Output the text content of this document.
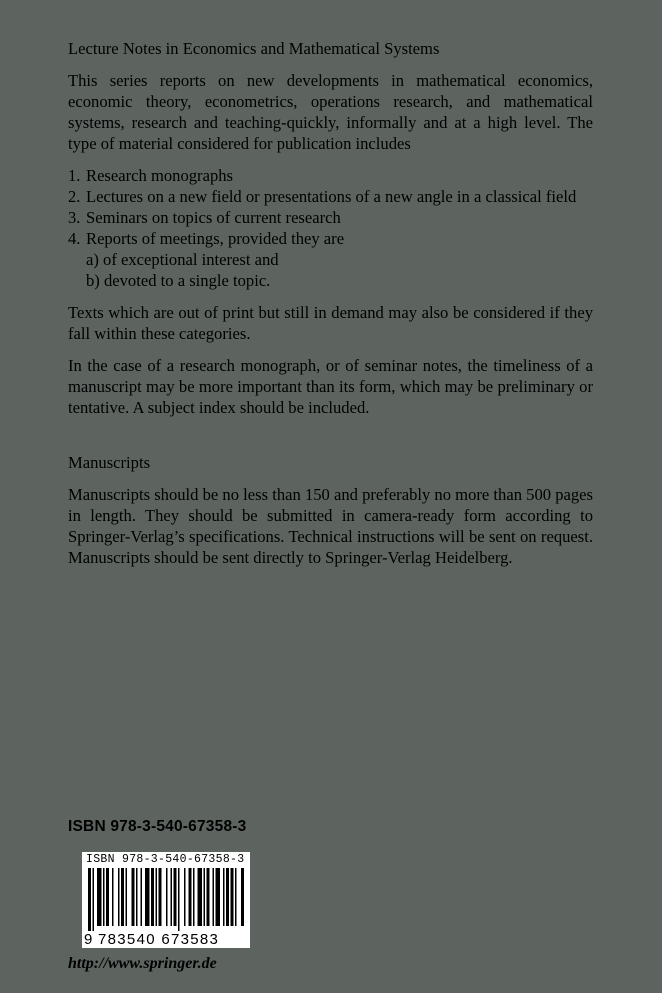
Lecture Notes in Economics and Mathematical Systems

This series reports on new developments in mathematical economics, economic theory, econometrics, operations research, and mathematical systems, research and teaching-quickly, informally and at a high level. The type of material considered for publication includes

1. Research monographs
2. Lectures on a new field or presentations of a new angle in a classical field
3. Seminars on topics of current research
4. Reports of meetings, provided they are
a) of exceptional interest and
b) devoted to a single topic.

Texts which are out of print but still in demand may also be considered if they fall within these categories.

In the case of a research monograph, or of seminar notes, the timeliness of a manuscript may be more important than its form, which may be preliminary or tentative. A subject index should be included.

Manuscripts

Manuscripts should be no less than 150 and preferably no more than 500 pages in length. They should be submitted in camera-ready form according to Springer-Verlag’s specifications. Technical instructions will be sent on request. Manuscripts should be sent directly to Springer-Verlag Heidelberg.

ISBN 978-3-540-67358-3
ISBN 978-3-540-67358-3
9 783540 673583
http://www.springer.de
